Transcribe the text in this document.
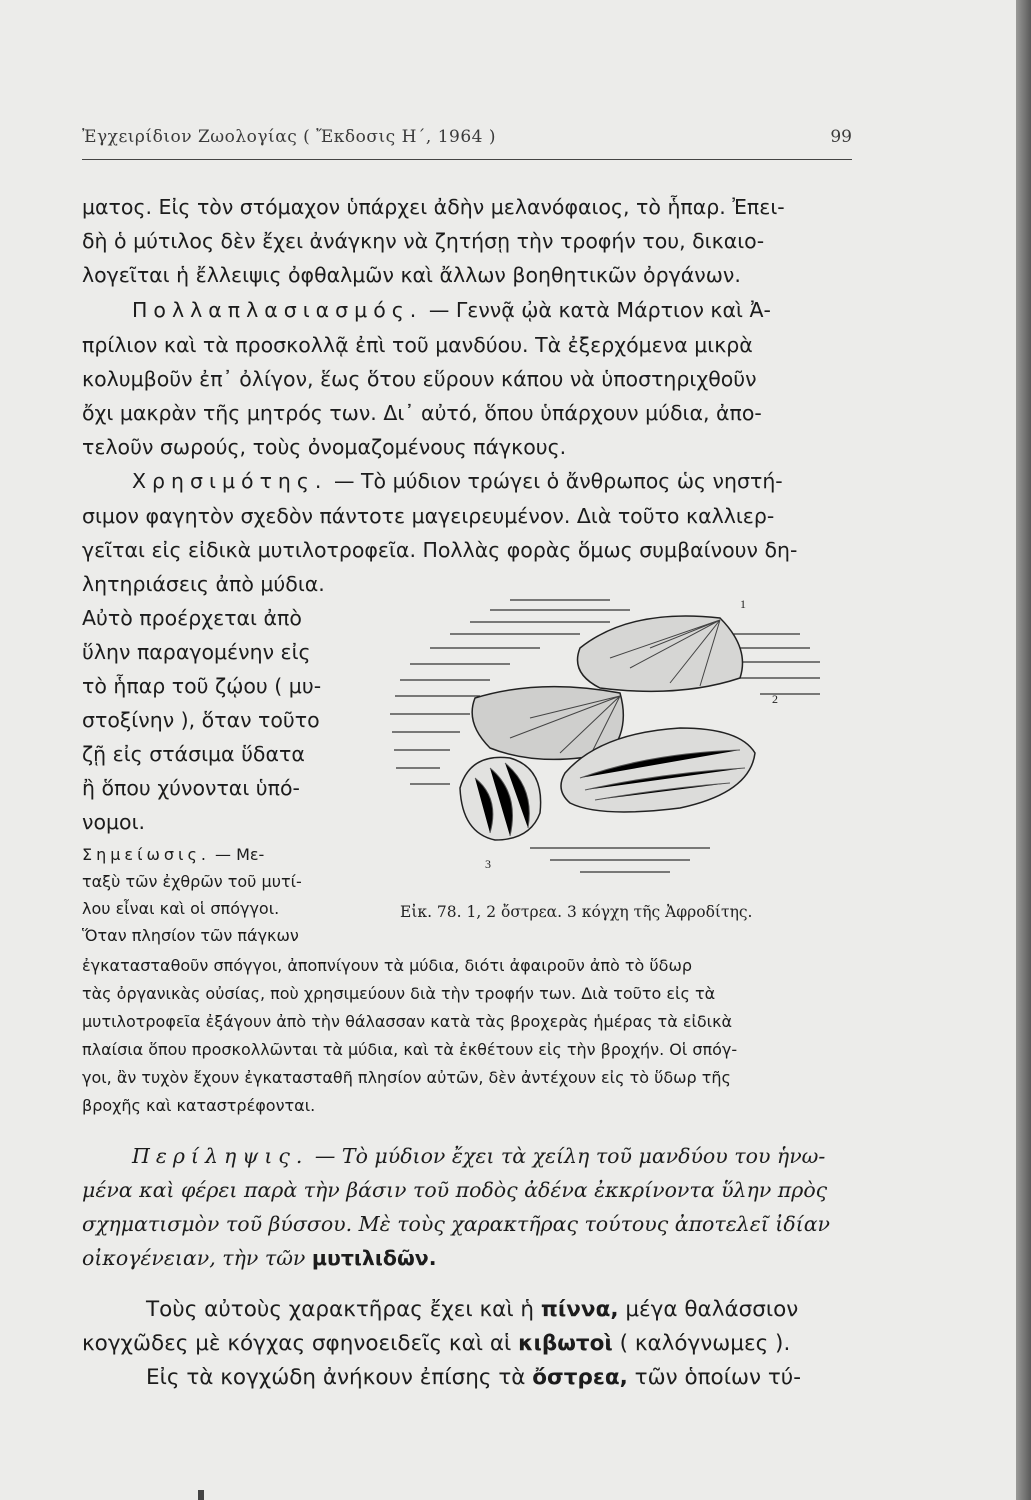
Ἐγχειρίδιον Ζωολογίας ( Ἔκδοσις Η΄, 1964 )	99

ματος. Εἰς τὸν στόμαχον ὑπάρχει ἀδὴν μελανόφαιος, τὸ ἧπαρ. Ἐπει-

δὴ ὁ μύτιλος δὲν ἔχει ἀνάγκην νὰ ζητήσῃ τὴν τροφήν του, δικαιο-

λογεῖται ἡ ἔλλειψις ὀφθαλμῶν καὶ ἄλλων βοηθητικῶν ὀργάνων.

Πολλαπλασιασμός. — Γεννᾷ ᾠὰ κατὰ Μάρτιον καὶ Ἀ-

πρίλιον καὶ τὰ προσκολλᾷ ἐπὶ τοῦ μανδύου. Τὰ ἐξερχόμενα μικρὰ

κολυμβοῦν ἐπ᾽ ὀλίγον, ἕως ὅτου εὕρουν κάπου νὰ ὑποστηριχθοῦν

ὄχι μακρὰν τῆς μητρός των. Δι᾽ αὐτό, ὅπου ὑπάρχουν μύδια, ἀπο-

τελοῦν σωρούς, τοὺς ὀνομαζομένους πάγκους.

Χρησιμότης. — Τὸ μύδιον τρώγει ὁ ἄνθρωπος ὡς νηστή-

σιμον φαγητὸν σχεδὸν πάντοτε μαγειρευμένον. Διὰ τοῦτο καλλιερ-

γεῖται εἰς εἰδικὰ μυτιλοτροφεῖα. Πολλὰς φορὰς ὅμως συμβαίνουν δη-

λητηριάσεις ἀπὸ μύδια.

Αὐτὸ προέρχεται ἀπὸ

ὕλην παραγομένην εἰς

τὸ ἧπαρ τοῦ ζῴου ( μυ-

στοξίνην ), ὅταν τοῦτο

ζῇ εἰς στάσιμα ὕδατα

ἢ ὅπου χύνονται ὑπό-

νομοι.

Σημείωσις. — Με-

ταξὺ τῶν ἐχθρῶν τοῦ μυτί-

λου εἶναι καὶ οἱ σπόγγοι.

Ὅταν πλησίον τῶν πάγκων

ἐγκατασταθοῦν σπόγγοι, ἀποπνίγουν τὰ μύδια, διότι ἀφαιροῦν ἀπὸ τὸ ὕδωρ

τὰς ὀργανικὰς οὐσίας, ποὺ χρησιμεύουν διὰ τὴν τροφήν των. Διὰ τοῦτο εἰς τὰ

μυτιλοτροφεῖα ἐξάγουν ἀπὸ τὴν θάλασσαν κατὰ τὰς βροχερὰς ἡμέρας τὰ εἰδικὰ

πλαίσια ὅπου προσκολλῶνται τὰ μύδια, καὶ τὰ ἐκθέτουν εἰς τὴν βροχήν. Οἱ σπόγ-

γοι, ἂν τυχὸν ἔχουν ἐγκατασταθῆ πλησίον αὐτῶν, δὲν ἀντέχουν εἰς τὸ ὕδωρ τῆς

βροχῆς καὶ καταστρέφονται.

1
2
3
Εἰκ. 78. 1, 2 ὄστρεα. 3 κόγχη τῆς Ἀφροδίτης.

Περίληψις. — Τὸ μύδιον ἔχει τὰ χείλη τοῦ μανδύου του ἡνω-

μένα καὶ φέρει παρὰ τὴν βάσιν τοῦ ποδὸς ἀδένα ἐκκρίνοντα ὕλην πρὸς

σχηματισμὸν τοῦ βύσσου. Μὲ τοὺς χαρακτῆρας τούτους ἀποτελεῖ ἰδίαν

οἰκογένειαν, τὴν τῶν μυτιλιδῶν.

Τοὺς αὐτοὺς χαρακτῆρας ἔχει καὶ ἡ πίννα, μέγα θαλάσσιον

κογχῶδες μὲ κόγχας σφηνοειδεῖς καὶ αἱ κιβωτοὶ ( καλόγνωμες ).

Εἰς τὰ κογχώδη ἀνήκουν ἐπίσης τὰ ὄστρεα, τῶν ὁποίων τύ-
